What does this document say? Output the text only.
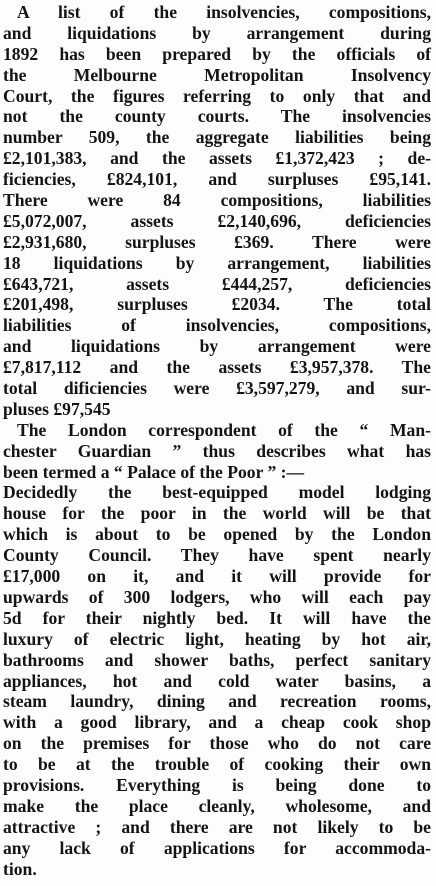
A list of the insolvencies, compositions,
and liquidations by arrangement during
1892 has been prepared by the officials of
the Melbourne Metropolitan Insolvency
Court, the figures referring to only that and
not the county courts. The insolvencies
number 509, the aggregate liabilities being
£2,101,383, and the assets £1,372,423 ; de-
ficiencies, £824,101, and surpluses £95,141.
There were 84 compositions, liabilities
£5,072,007, assets £2,140,696, deficiencies
£2,931,680, surpluses £369. There were
18 liquidations by arrangement, liabilities
£643,721, assets £444,257, deficiencies
£201,498, surpluses £2034. The total
liabilities of insolvencies, compositions,
and liquidations by arrangement were
£7,817,112 and the assets £3,957,378. The
total dificiencies were £3,597,279, and sur-
pluses £97,545
The London correspondent of the “ Man-
chester Guardian ” thus describes what has
been termed a “ Palace of the Poor ” :—
Decidedly the best-equipped model lodging
house for the poor in the world will be that
which is about to be opened by the London
County Council. They have spent nearly
£17,000 on it, and it will provide for
upwards of 300 lodgers, who will each pay
5d for their nightly bed. It will have the
luxury of electric light, heating by hot air,
bathrooms and shower baths, perfect sanitary
appliances, hot and cold water basins, a
steam laundry, dining and recreation rooms,
with a good library, and a cheap cook shop
on the premises for those who do not care
to be at the trouble of cooking their own
provisions. Everything is being done to
make the place cleanly, wholesome, and
attractive ; and there are not likely to be
any lack of applications for accommoda-
tion.
